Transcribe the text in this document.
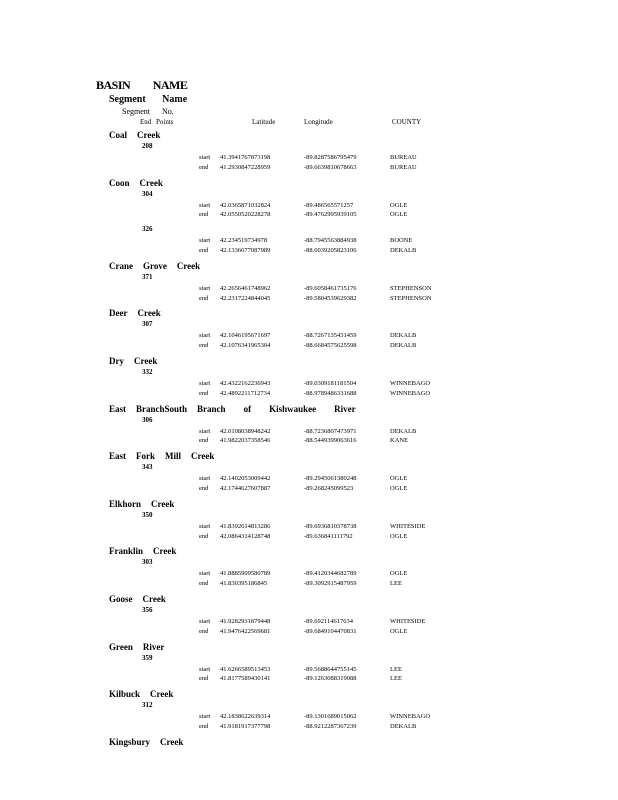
BASIN NAME
Segment Name
Segment No.
End Points	Latitude	Longitude	COUNTY
Coal Creek
208
start 41.3941767873198	-89.8287586795479	BUREAU
end 41.2930847228959	-89.6639810678663	BUREAU
Coon Creek
304
start 42.0365871032824	-89.486565571257	OGLE
end 42.0550520228278	-89.4762995939105	OGLE
326
start 42.234519734978	-88.7945563884938	BOONE
end 42.1336677087989	-88.6039205823106	DEKALB
Crane Grove Creek
371
start 42.2656461748962	-89.6058461735176	STEPHENSON
end 42.2317224844045	-89.5804539629382	STEPHENSON
Deer Creek
307
start 42.1046195671697	-88.7267135431459	DEKALB
end 42.1076341965304	-88.6684575625598	DEKALB
Dry Creek
332
start 42.4322162236943	-89.0309181181504	WINNEBAGO
end 42.4892211712734	-88.9789486331688	WINNEBAGO
East BranchSouth Branch of Kishwaukee River
306
start 42.0108038948242	-88.7236807473971	DEKALB
end 41.9822037358546	-88.5449399063616	KANE
East Fork Mill Creek
343
start 42.1402053009442	-89.2945061380248	OGLE
end 42.1744627607887	-89.268245099523	OGLE
Elkhorn Creek
350
start 41.8392614813286	-89.6936810378738	WHITESIDE
end 42.0864314128748	-89.636841111792	OGLE
Franklin Creek
303
start 41.8885909580789	-89.4120344682789	OGLE
end 41.830395186845	-89.3092915487959	LEE
Goose Creek
356
start 41.9282931879448	-89.692114617634	WHITESIDE
end 41.9476422569681	-89.6849104470831	OGLE
Green River
359
start 41.6266589513453	-89.5688644755145	LEE
end 41.8177589430141	-89.1263088319088	LEE
Kilbuck Creek
312
start 42.1838622639314	-89.1301689015062	WINNEBAGO
end 41.9181917377798	-88.9212287367239	DEKALB
Kingsbury Creek
